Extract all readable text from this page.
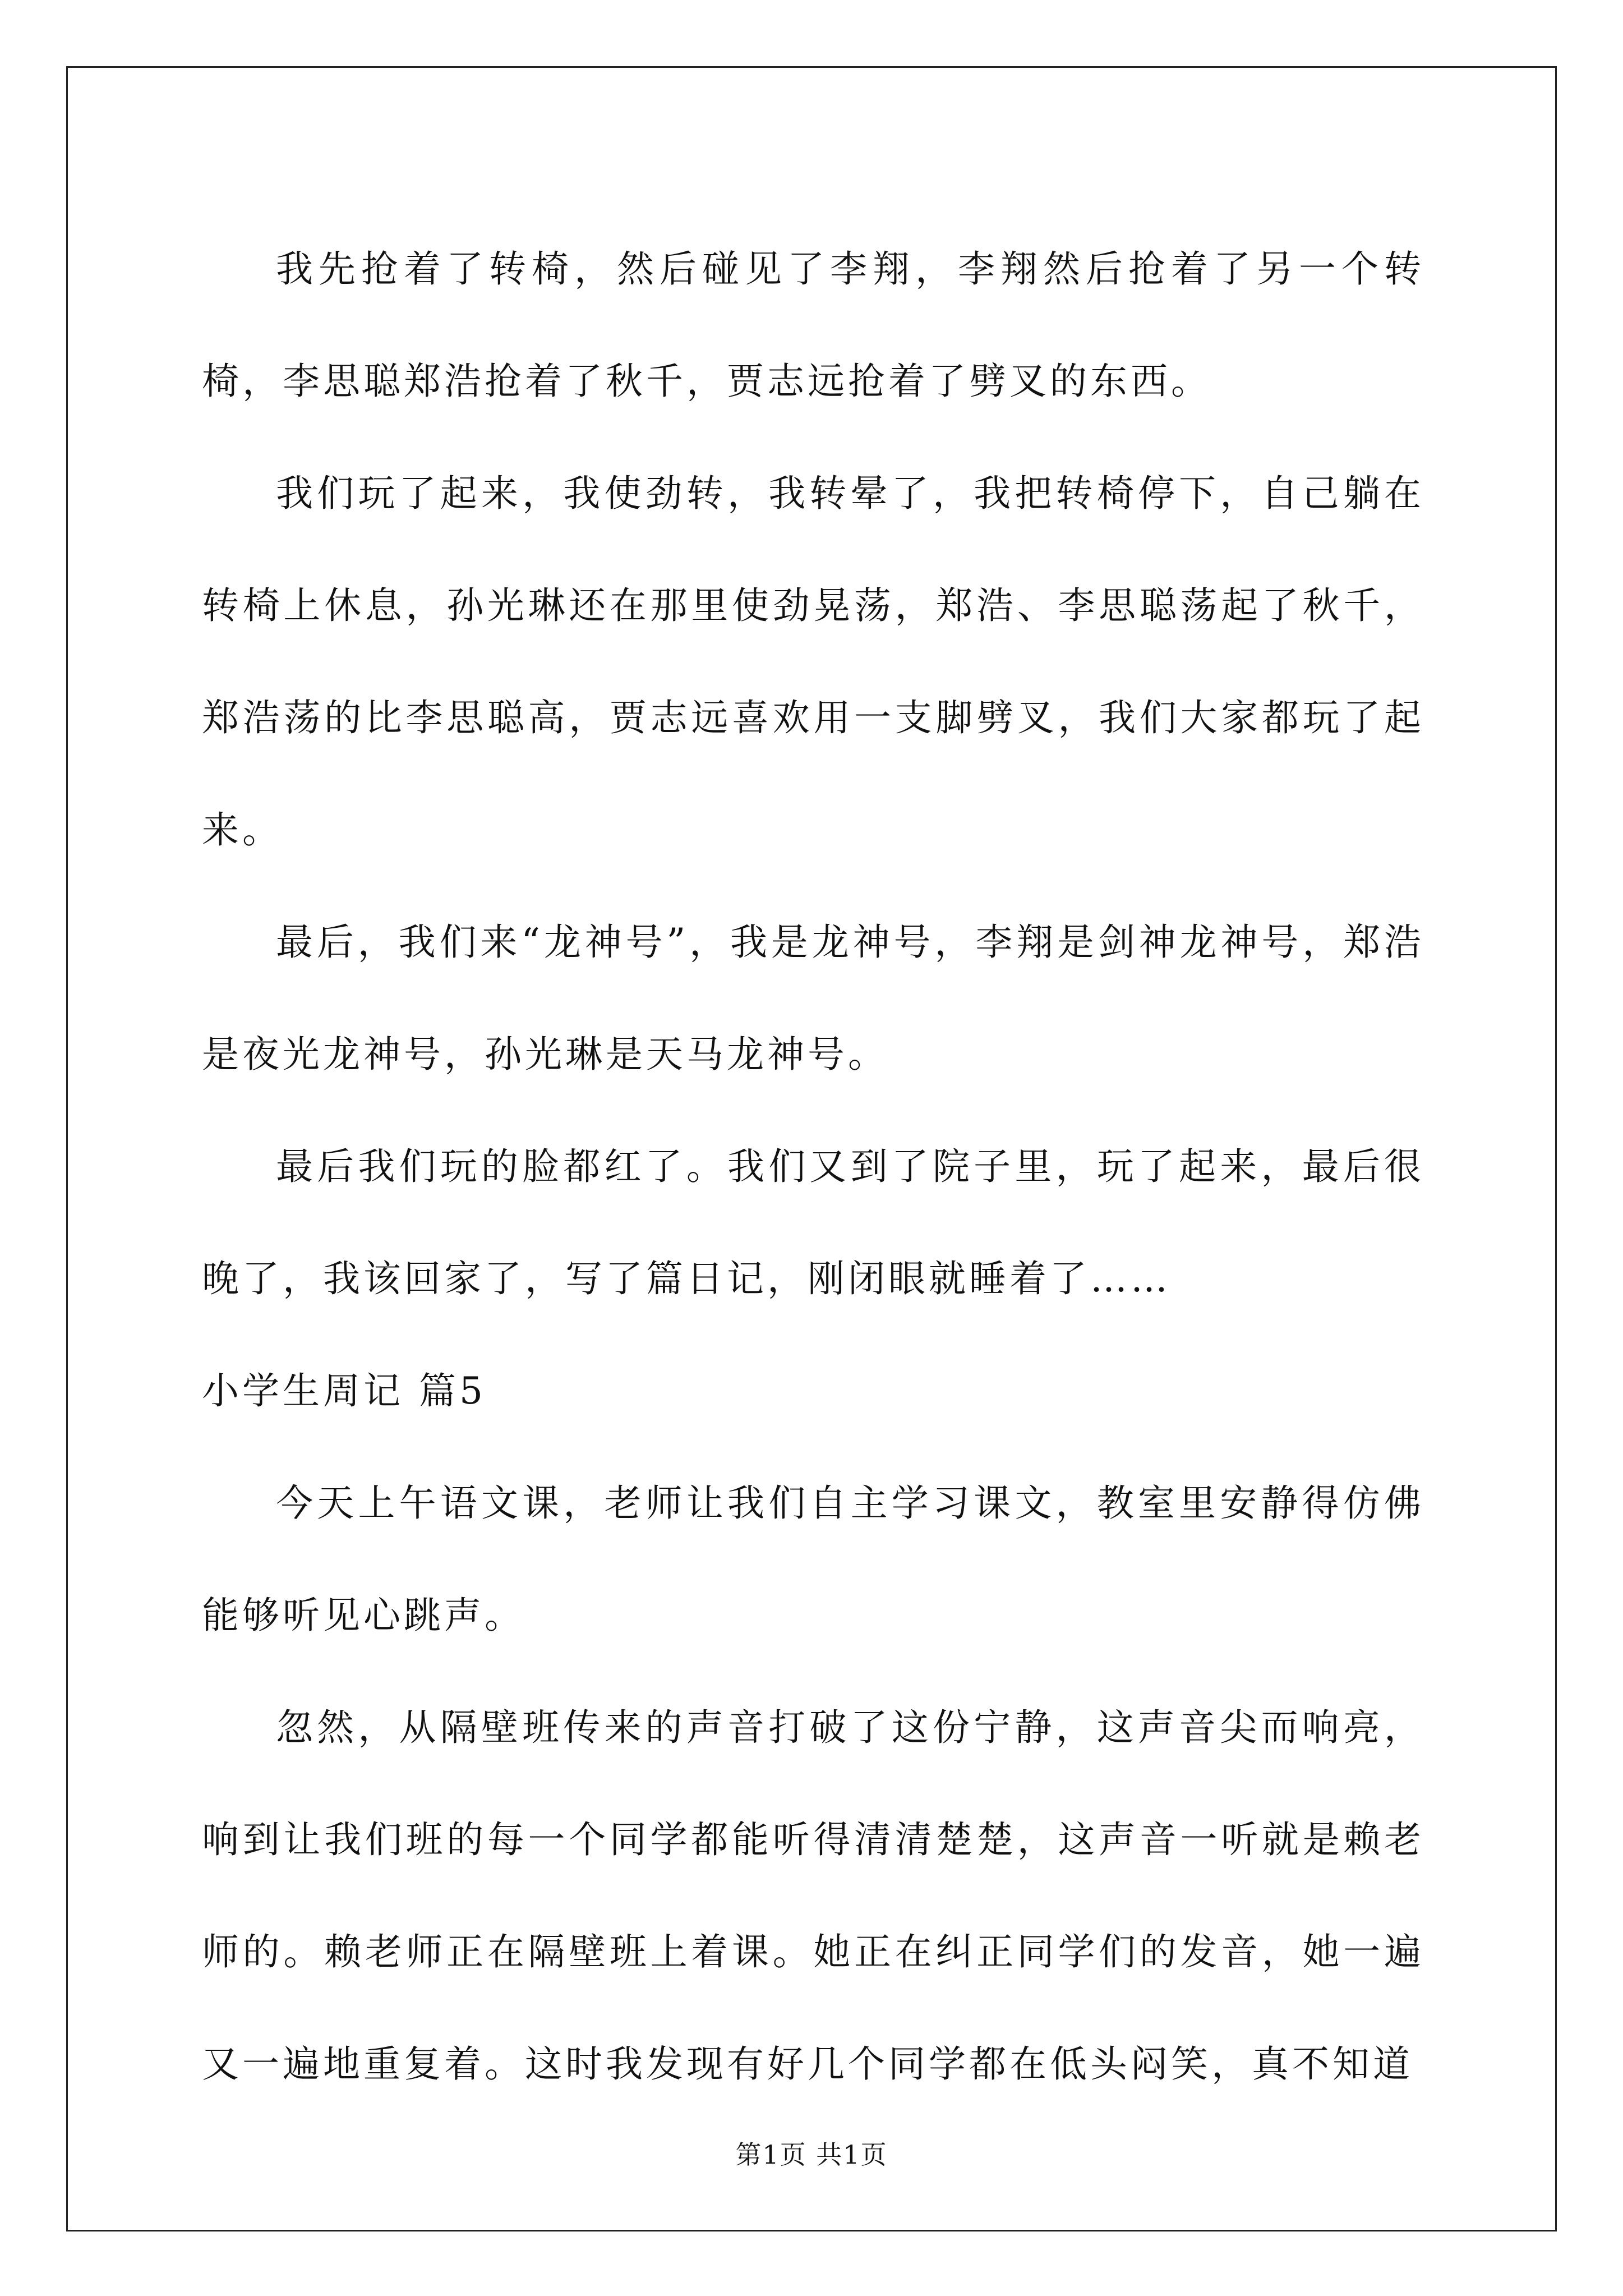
我先抢着了转椅，然后碰见了李翔，李翔然后抢着了另一个转椅，李思聪郑浩抢着了秋千，贾志远抢着了劈叉的东西。

我们玩了起来，我使劲转，我转晕了，我把转椅停下，自己躺在转椅上休息，孙光琳还在那里使劲晃荡，郑浩、李思聪荡起了秋千，郑浩荡的比李思聪高，贾志远喜欢用一支脚劈叉，我们大家都玩了起来。

最后，我们来“龙神号”，我是龙神号，李翔是剑神龙神号，郑浩是夜光龙神号，孙光琳是天马龙神号。

最后我们玩的脸都红了。我们又到了院子里，玩了起来，最后很晚了，我该回家了，写了篇日记，刚闭眼就睡着了……

小学生周记 篇5

今天上午语文课，老师让我们自主学习课文，教室里安静得仿佛能够听见心跳声。

忽然，从隔壁班传来的声音打破了这份宁静，这声音尖而响亮，响到让我们班的每一个同学都能听得清清楚楚，这声音一听就是赖老师的。赖老师正在隔壁班上着课。她正在纠正同学们的发音，她一遍又一遍地重复着。这时我发现有好几个同学都在低头闷笑，真不知道

第1页 共1页
